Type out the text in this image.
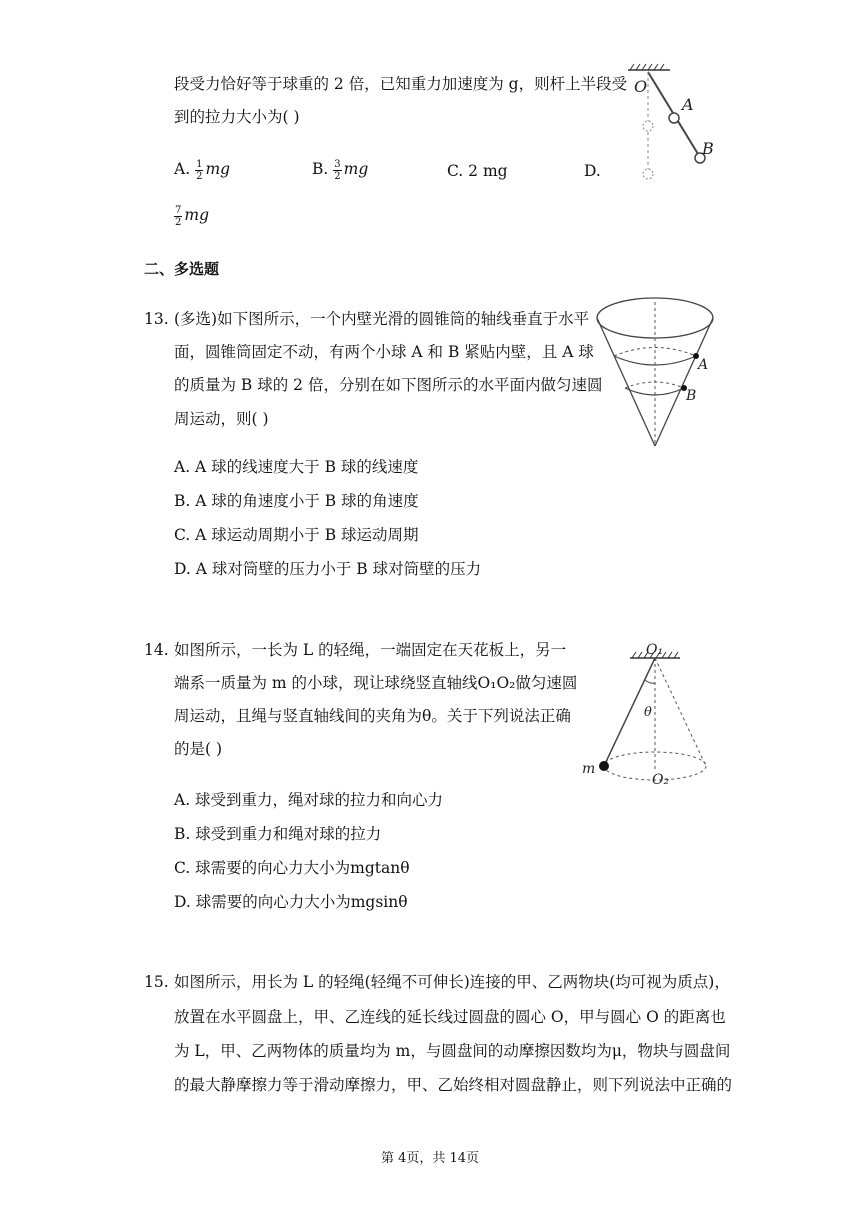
段受力恰好等于球重的 2 倍，已知重力加速度为 g，则杆上半段受
到的拉力大小为( )
A. $\frac{1}{2}$ mg	B. $\frac{3}{2}$ mg	C. 2 mg	D.
$\frac{7}{2}$ mg
O
A
B
二、多选题
13. (多选)如下图所示，一个内壁光滑的圆锥筒的轴线垂直于水平
面，圆锥筒固定不动，有两个小球 A 和 B 紧贴内壁，且 A 球
的质量为 B 球的 2 倍，分别在如下图所示的水平面内做匀速圆
周运动，则( )
A. A 球的线速度大于 B 球的线速度
B. A 球的角速度小于 B 球的角速度
C. A 球运动周期小于 B 球运动周期
D. A 球对筒壁的压力小于 B 球对筒壁的压力
A
B
14. 如图所示，一长为 L 的轻绳，一端固定在天花板上，另一
端系一质量为 m 的小球，现让球绕竖直轴线O₁O₂做匀速圆
周运动，且绳与竖直轴线间的夹角为θ。关于下列说法正确
的是( )
A. 球受到重力，绳对球的拉力和向心力
B. 球受到重力和绳对球的拉力
C. 球需要的向心力大小为mgtanθ
D. 球需要的向心力大小为mgsinθ
O₁
θ
m
O₂
15. 如图所示，用长为 L 的轻绳(轻绳不可伸长)连接的甲、乙两物块(均可视为质点)，
放置在水平圆盘上，甲、乙连线的延长线过圆盘的圆心 O，甲与圆心 O 的距离也
为 L，甲、乙两物体的质量均为 m，与圆盘间的动摩擦因数均为μ，物块与圆盘间
的最大静摩擦力等于滑动摩擦力，甲、乙始终相对圆盘静止，则下列说法中正确的
第 4页，共 14页
